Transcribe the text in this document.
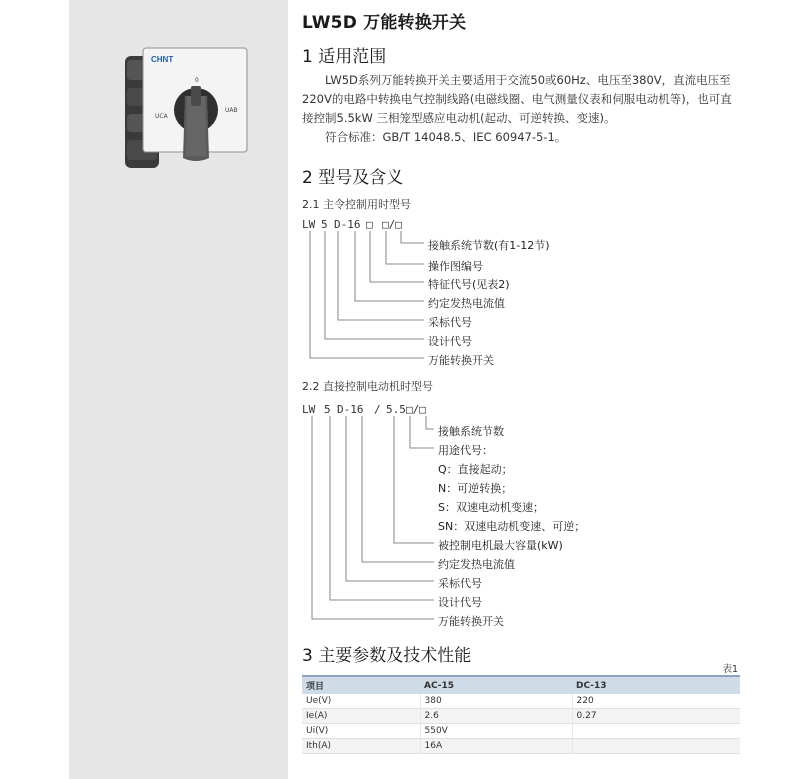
CHNT
0
UCA
UAB
LW5D 万能转换开关
1 适用范围

LW5D系列万能转换开关主要适用于交流50或60Hz、电压至380V，直流电压至220V的电路中转换电气控制线路(电磁线圈、电气测量仪表和伺服电动机等)，也可直接控制5.5kW 三相笼型感应电动机(起动、可逆转换、变速)。

符合标准：GB/T 14048.5、IEC 60947-5-1。

2 型号及含义
2.1 主令控制用时型号
LW 5 D-16 □ □/□
接触系统节数(有1-12节)
操作图编号
特征代号(见表2)
约定发热电流值
采标代号
设计代号
万能转换开关
2.2 直接控制电动机时型号
LW 5 D-16 / 5.5 □/□
接触系统节数
用途代号：
Q：直接起动；
N：可逆转换；
S：双速电动机变速；
SN：双速电动机变速、可逆；
被控制电机最大容量(kW)
约定发热电流值
采标代号
设计代号
万能转换开关
3 主要参数及技术性能
表1
项目	AC-15	DC-13
Ue(V)	380	220
Ie(A)	2.6	0.27
Ui(V)	550V	
Ith(A)	16A	
